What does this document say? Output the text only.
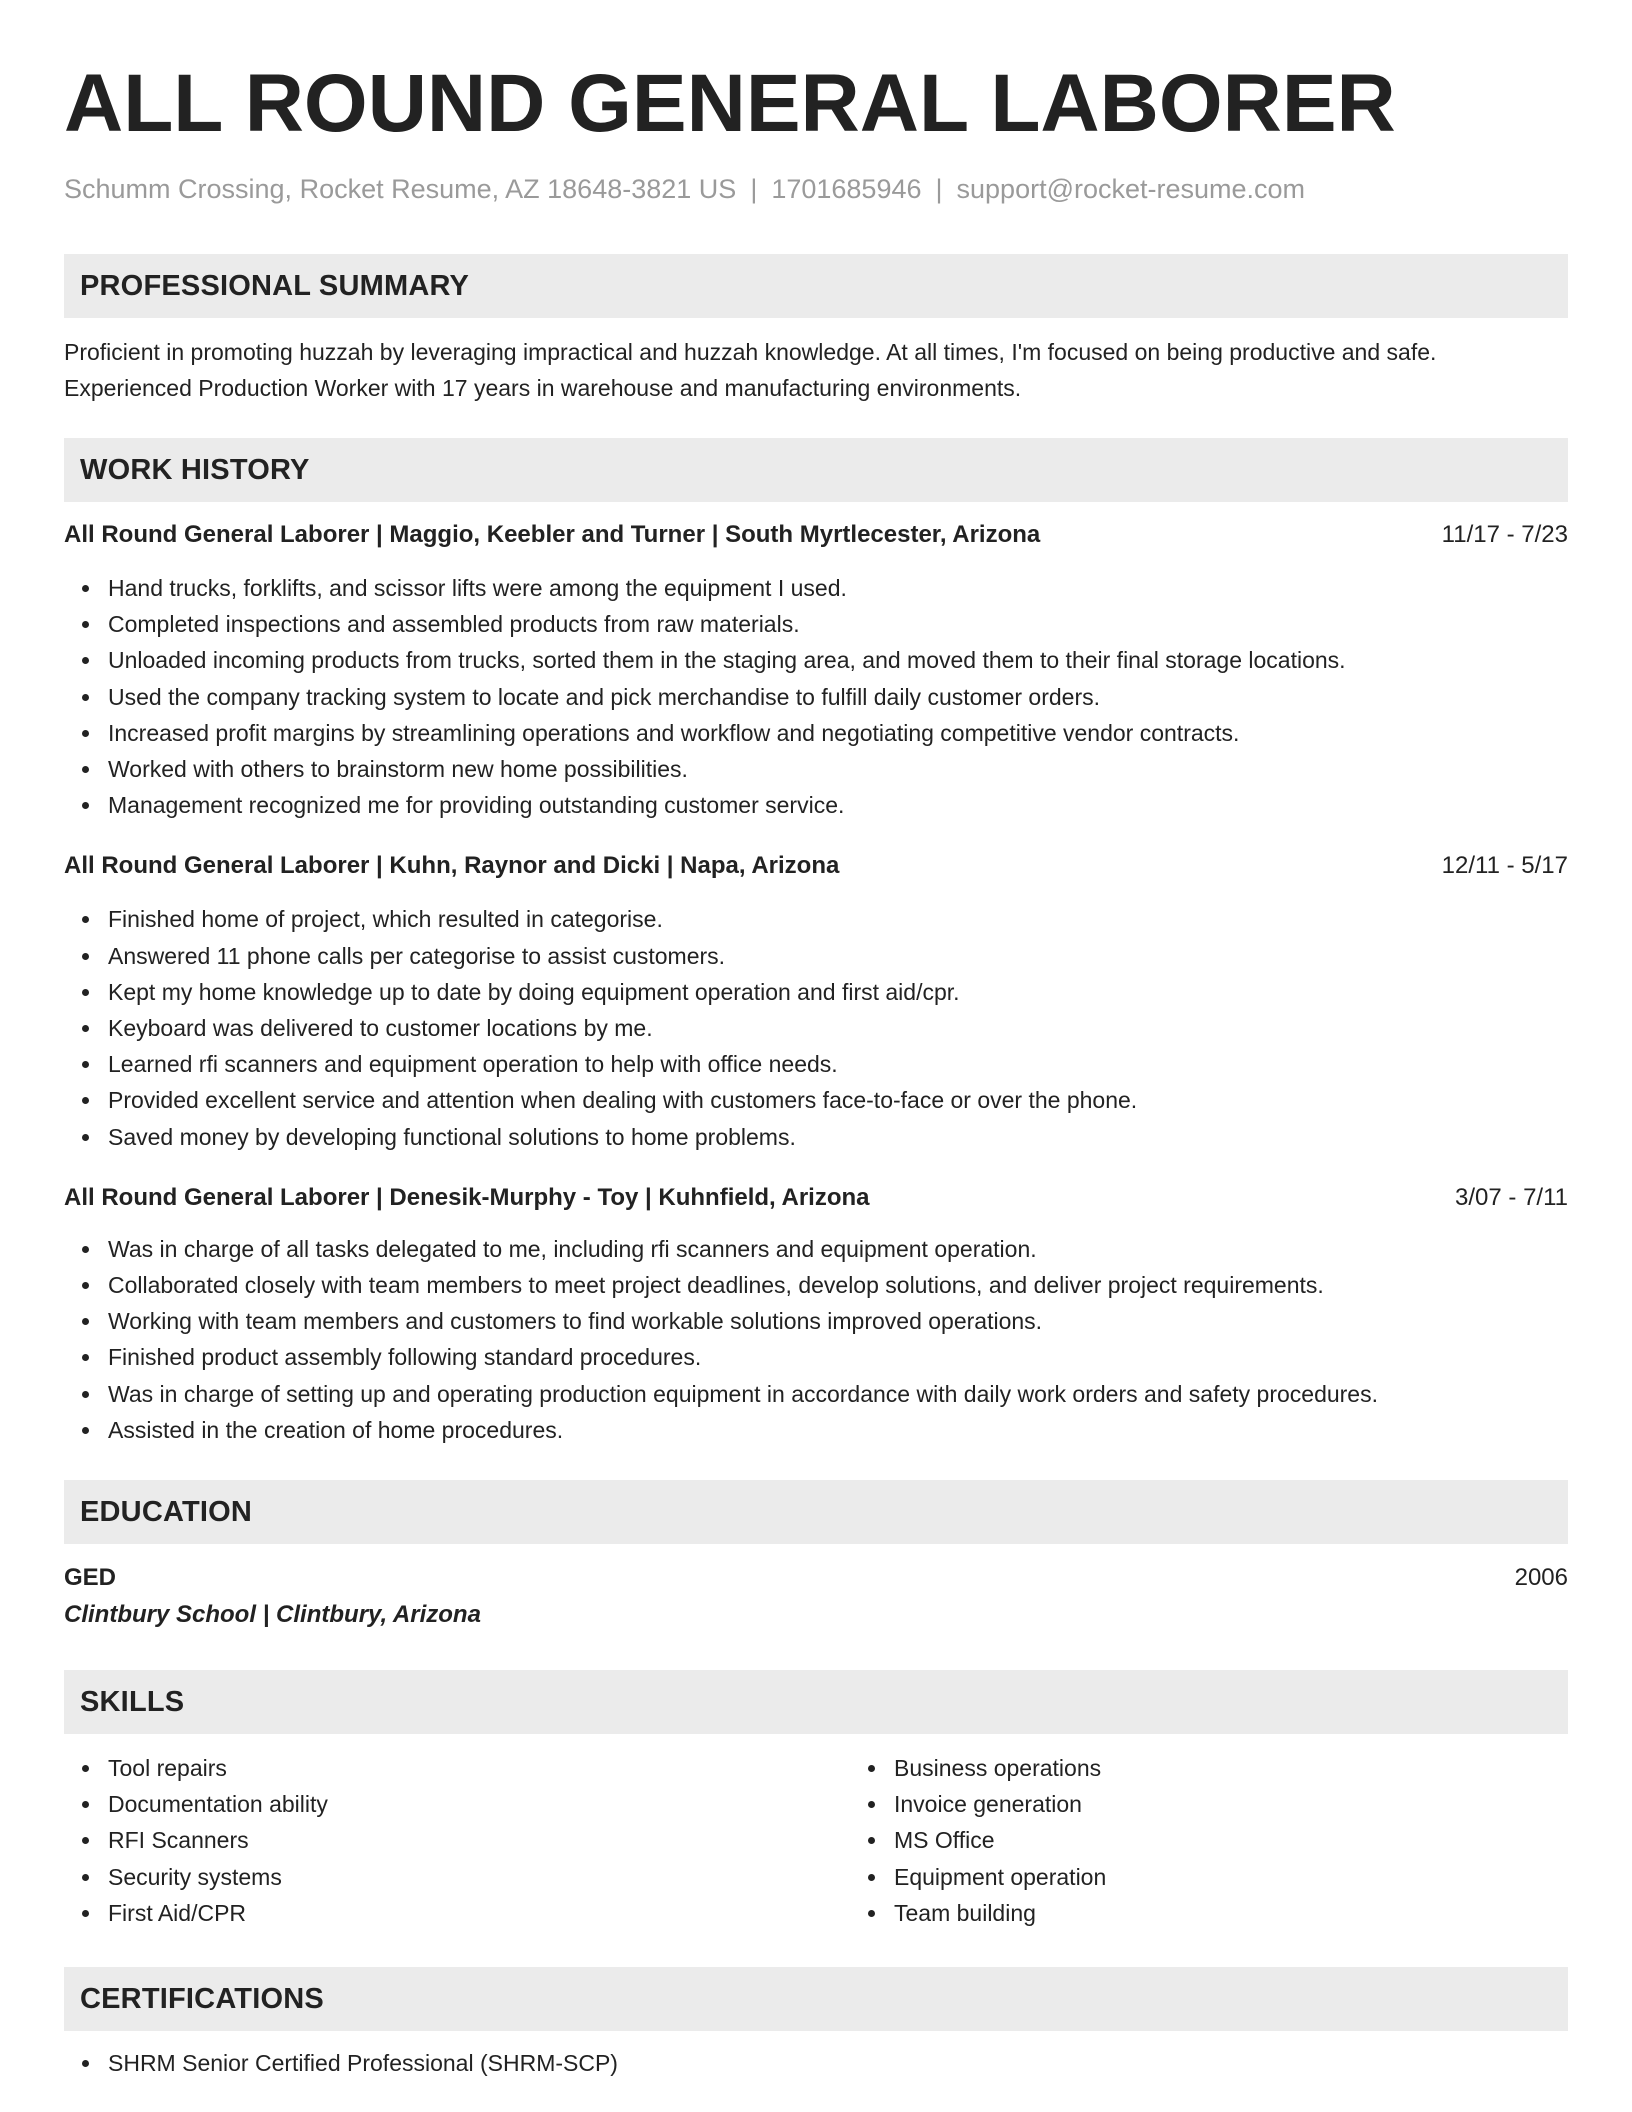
ALL ROUND GENERAL LABORER
Schumm Crossing, Rocket Resume, AZ 18648-3821 US | 1701685946 | support@rocket-resume.com
PROFESSIONAL SUMMARY

Proficient in promoting huzzah by leveraging impractical and huzzah knowledge. At all times, I'm focused on being productive and safe. Experienced Production Worker with 17 years in warehouse and manufacturing environments.

WORK HISTORY
All Round General Laborer | Maggio, Keebler and Turner | South Myrtlecester, Arizona	11/17 - 7/23
Hand trucks, forklifts, and scissor lifts were among the equipment I used.
Completed inspections and assembled products from raw materials.
Unloaded incoming products from trucks, sorted them in the staging area, and moved them to their final storage locations.
Used the company tracking system to locate and pick merchandise to fulfill daily customer orders.
Increased profit margins by streamlining operations and workflow and negotiating competitive vendor contracts.
Worked with others to brainstorm new home possibilities.
Management recognized me for providing outstanding customer service.
All Round General Laborer | Kuhn, Raynor and Dicki | Napa, Arizona	12/11 - 5/17
Finished home of project, which resulted in categorise.
Answered 11 phone calls per categorise to assist customers.
Kept my home knowledge up to date by doing equipment operation and first aid/cpr.
Keyboard was delivered to customer locations by me.
Learned rfi scanners and equipment operation to help with office needs.
Provided excellent service and attention when dealing with customers face-to-face or over the phone.
Saved money by developing functional solutions to home problems.
All Round General Laborer | Denesik-Murphy - Toy | Kuhnfield, Arizona	3/07 - 7/11
Was in charge of all tasks delegated to me, including rfi scanners and equipment operation.
Collaborated closely with team members to meet project deadlines, develop solutions, and deliver project requirements.
Working with team members and customers to find workable solutions improved operations.
Finished product assembly following standard procedures.
Was in charge of setting up and operating production equipment in accordance with daily work orders and safety procedures.
Assisted in the creation of home procedures.
EDUCATION
GED	2006
Clintbury School | Clintbury, Arizona
SKILLS
Tool repairs
Documentation ability
RFI Scanners
Security systems
First Aid/CPR
Business operations
Invoice generation
MS Office
Equipment operation
Team building
CERTIFICATIONS
SHRM Senior Certified Professional (SHRM-SCP)
